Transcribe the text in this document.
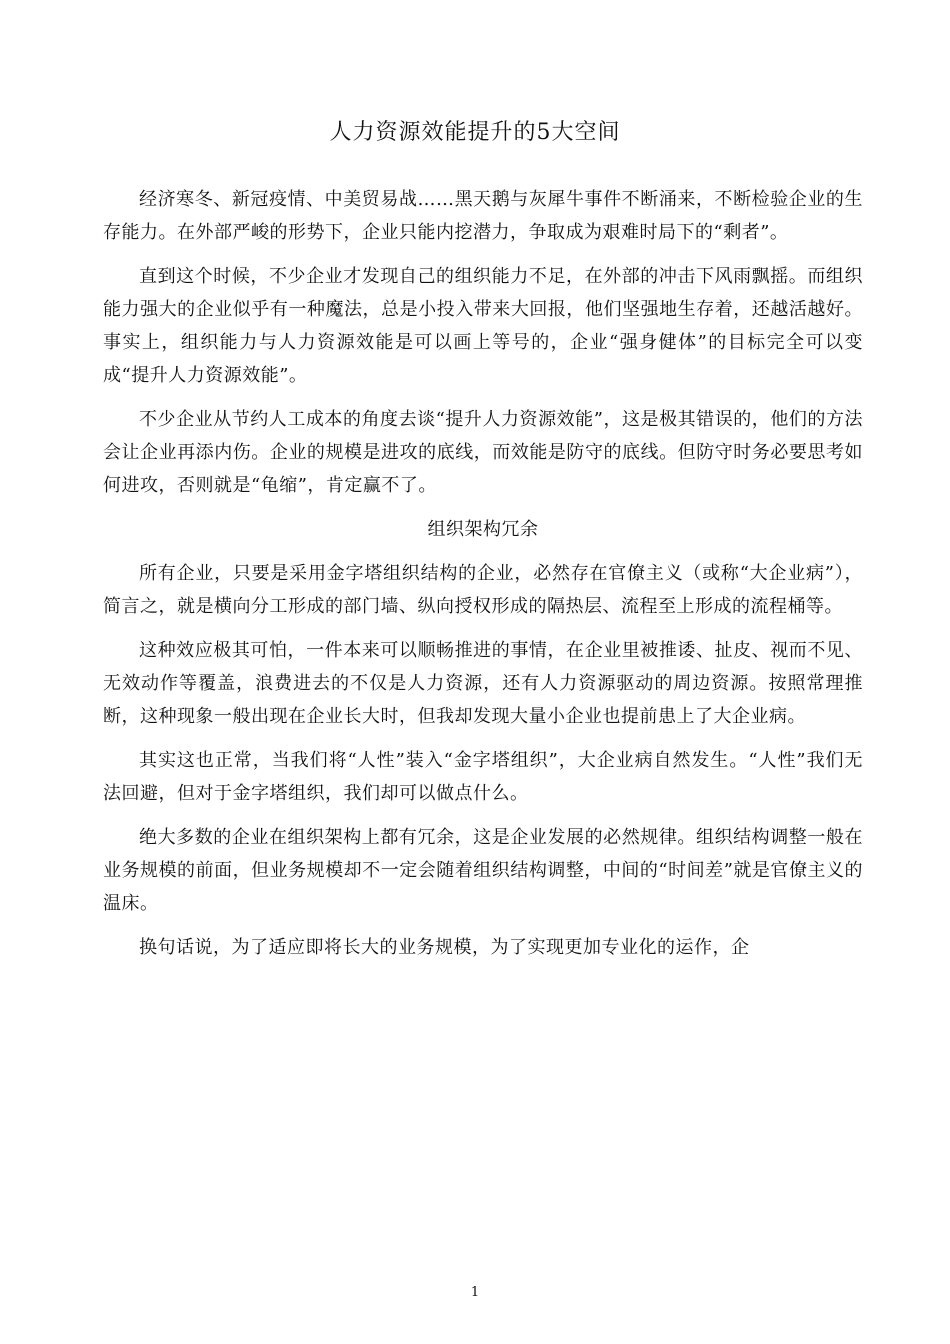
人力资源效能提升的5大空间

经济寒冬、新冠疫情、中美贸易战……黑天鹅与灰犀牛事件不断涌来，不断检验企业的生存能力。在外部严峻的形势下，企业只能内挖潜力，争取成为艰难时局下的“剩者”。

直到这个时候，不少企业才发现自己的组织能力不足，在外部的冲击下风雨飘摇。而组织能力强大的企业似乎有一种魔法，总是小投入带来大回报，他们坚强地生存着，还越活越好。事实上，组织能力与人力资源效能是可以画上等号的，企业“强身健体”的目标完全可以变成“提升人力资源效能”。

不少企业从节约人工成本的角度去谈“提升人力资源效能”，这是极其错误的，他们的方法会让企业再添内伤。企业的规模是进攻的底线，而效能是防守的底线。但防守时务必要思考如何进攻，否则就是“龟缩”，肯定赢不了。

组织架构冗余

所有企业，只要是采用金字塔组织结构的企业，必然存在官僚主义（或称“大企业病”），简言之，就是横向分工形成的部门墙、纵向授权形成的隔热层、流程至上形成的流程桶等。

这种效应极其可怕，一件本来可以顺畅推进的事情，在企业里被推诿、扯皮、视而不见、无效动作等覆盖，浪费进去的不仅是人力资源，还有人力资源驱动的周边资源。按照常理推断，这种现象一般出现在企业长大时，但我却发现大量小企业也提前患上了大企业病。

其实这也正常，当我们将“人性”装入“金字塔组织”，大企业病自然发生。“人性”我们无法回避，但对于金字塔组织，我们却可以做点什么。

绝大多数的企业在组织架构上都有冗余，这是企业发展的必然规律。组织结构调整一般在业务规模的前面，但业务规模却不一定会随着组织结构调整，中间的“时间差”就是官僚主义的温床。

换句话说，为了适应即将长大的业务规模，为了实现更加专业化的运作，企

1
